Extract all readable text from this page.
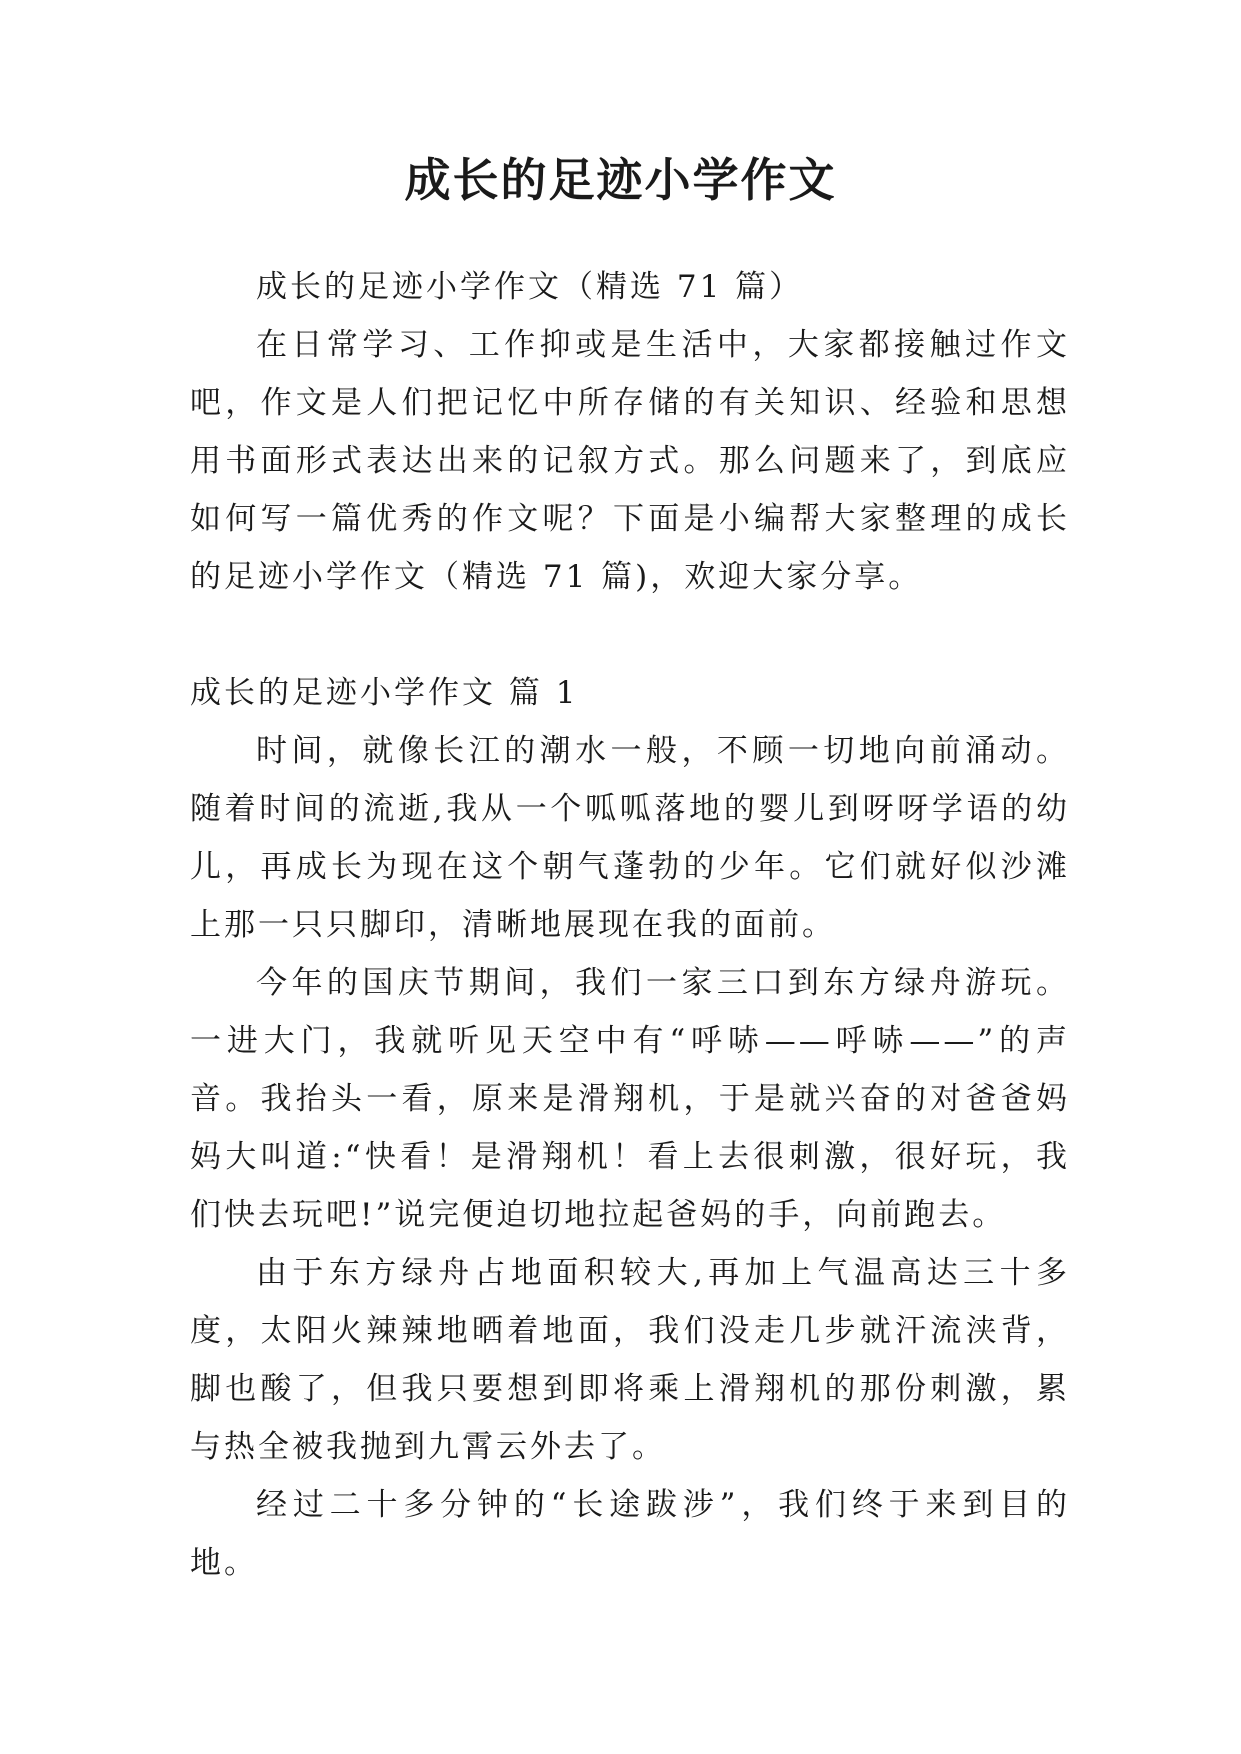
成长的足迹小学作文

成长的足迹小学作文（精选 71 篇）

在日常学习、工作抑或是生活中，大家都接触过作文吧，作文是人们把记忆中所存储的有关知识、经验和思想用书面形式表达出来的记叙方式。那么问题来了，到底应如何写一篇优秀的作文呢？下面是小编帮大家整理的成长的足迹小学作文（精选 71 篇)，欢迎大家分享。

成长的足迹小学作文 篇 1

时间，就像长江的潮水一般，不顾一切地向前涌动。随着时间的流逝,我从一个呱呱落地的婴儿到呀呀学语的幼儿，再成长为现在这个朝气蓬勃的少年。它们就好似沙滩上那一只只脚印，清晰地展现在我的面前。

今年的国庆节期间，我们一家三口到东方绿舟游玩。一进大门，我就听见天空中有“呼哧——呼哧——”的声音。我抬头一看，原来是滑翔机，于是就兴奋的对爸爸妈妈大叫道:“快看！是滑翔机！看上去很刺激，很好玩，我们快去玩吧!”说完便迫切地拉起爸妈的手，向前跑去。

由于东方绿舟占地面积较大,再加上气温高达三十多度，太阳火辣辣地晒着地面，我们没走几步就汗流浃背，脚也酸了，但我只要想到即将乘上滑翔机的那份刺激，累与热全被我抛到九霄云外去了。

经过二十多分钟的“长途跋涉”，我们终于来到目的地。
